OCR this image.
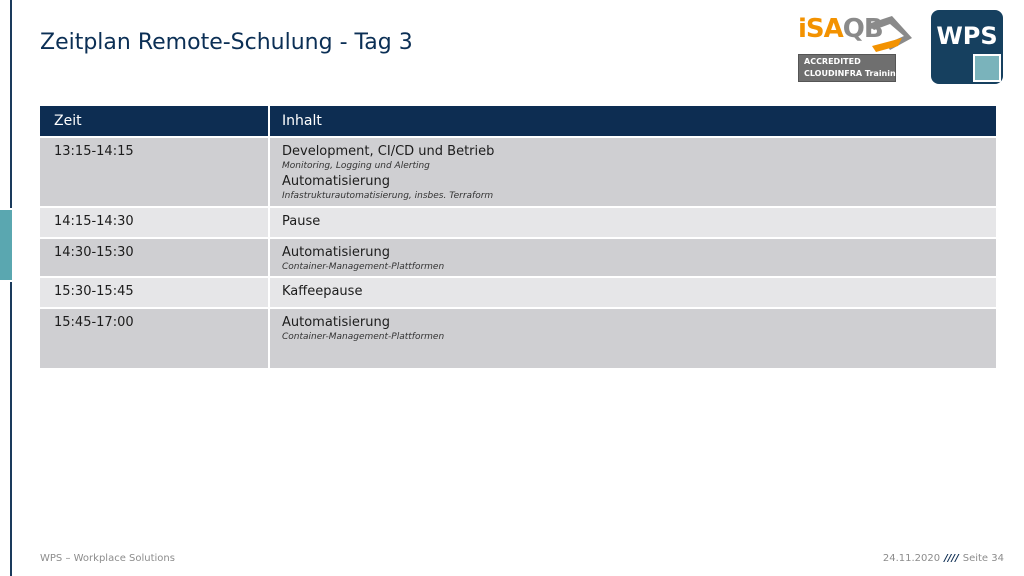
Zeitplan Remote-Schulung - Tag 3	iSAQB
ACCREDITED
CLOUDINFRA Training
WPS
Zeit	Inhalt
13:15-14:15	Development, CI/CD und Betrieb
Monitoring, Logging und Alerting
Automatisierung
Infastrukturautomatisierung, insbes. Terraform
14:15-14:30	Pause
14:30-15:30	Automatisierung
Container-Management-Plattformen
15:30-15:45	Kaffeepause
15:45-17:00	Automatisierung
Container-Management-Plattformen
WPS – Workplace Solutions	24.11.2020 //// Seite 34
